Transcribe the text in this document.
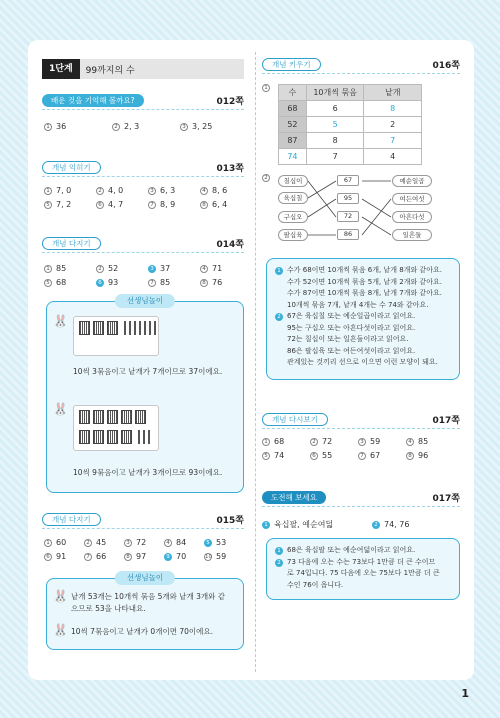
1단계	99까지의 수
배운 것을 기억해 볼까요?	012쪽
1 36	2 2, 3	3 3, 25
개념 익히기	013쪽
1 7, 0	2 4, 0	3 6, 3	4 8, 6
5 7, 2	6 4, 7	7 8, 9	8 6, 4
개념 다지기	014쪽
1 85	2 52	3 37	4 71
5 68	6 93	7 85	8 76
선생님놀이
🐰
10씩 3묶음이고 낱개가 7개이므로 37이에요.
🐰
10씩 9묶음이고 낱개가 3개이므로 93이에요.
개념 다지기	015쪽
1 60	2 45	3 72	4 84	5 53
6 91	7 66	8 97	9 70	10 59
선생님놀이
🐰 낱개 53개는 10개씩 묶음 5개와 낱개 3개와 같
으므로 53을 나타내요.
🐰 10씩 7묶음이고 낱개가 0개이면 70이에요.
개념 키우기	016쪽
1	수	10개씩 묶음	낱개
68	6	8
52	5	2
87	8	7
74	7	4
2	칠십이
육십칠
구십오
팔십육
67
95
72
86
예순일곱
여든여섯
아흔다섯
일흔둘
1 수가 68이면 10개씩 묶음 6개, 낱개 8개와 같아요.
수가 52이면 10개씩 묶음 5개, 낱개 2개와 같아요.
수가 87이면 10개씩 묶음 8개, 낱개 7개와 같아요.
10개씩 묶음 7개, 낱개 4개는 수 74와 같아요.
2 67은 육십칠 또는 예순일곱이라고 읽어요.
95는 구십오 또는 아흔다섯이라고 읽어요.
72는 칠십이 또는 일흔둘이라고 읽어요.
86은 팔십육 또는 여든여섯이라고 읽어요.
관계있는 것끼리 선으로 이으면 이런 모양이 돼요.
개념 다시보기	017쪽
1 68	2 72	3 59	4 85
5 74	6 55	7 67	8 96
도전해 보세요	017쪽
1 육십팔, 예순여덟	2 74, 76
1 68은 육십팔 또는 예순여덟이라고 읽어요.
2 73 다음에 오는 수는 73보다 1만큼 더 큰 수이므
로 74입니다. 75 다음에 오는 75보다 1만큼 더 큰
수인 76이 옵니다.
1
